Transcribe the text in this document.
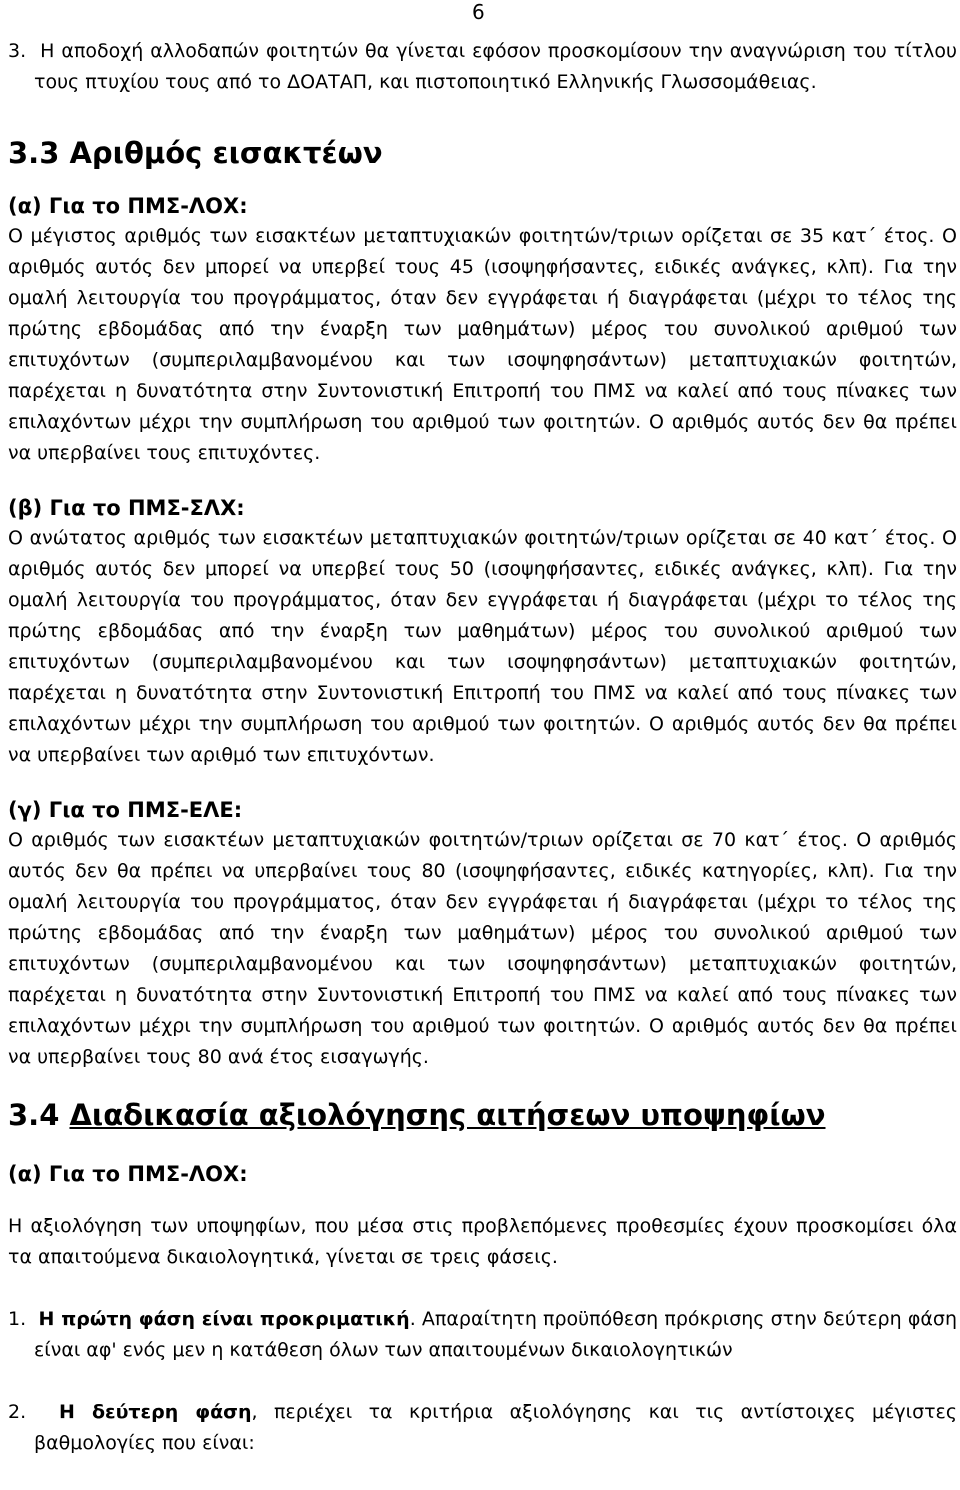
6

3. Η αποδοχή αλλοδαπών φοιτητών θα γίνεται εφόσον προσκομίσουν την αναγνώριση του τίτλου τους πτυχίου τους από το ΔΟΑΤΑΠ, και πιστοποιητικό Ελληνικής Γλωσσομάθειας.

3.3 Αριθμός εισακτέων
(α) Για το ΠΜΣ-ΛΟΧ:

Ο μέγιστος αριθμός των εισακτέων μεταπτυχιακών φοιτητών/τριων ορίζεται σε 35 κατ΄ έτος. Ο αριθμός αυτός δεν μπορεί να υπερβεί τους 45 (ισοψηφήσαντες, ειδικές ανάγκες, κλπ). Για την ομαλή λειτουργία του προγράμματος, όταν δεν εγγράφεται ή διαγράφεται (μέχρι το τέλος της πρώτης εβδομάδας από την έναρξη των μαθημάτων) μέρος του συνολικού αριθμού των επιτυχόντων (συμπεριλαμβανομένου και των ισοψηφησάντων) μεταπτυχιακών φοιτητών, παρέχεται η δυνατότητα στην Συντονιστική Επιτροπή του ΠΜΣ να καλεί από τους πίνακες των επιλαχόντων μέχρι την συμπλήρωση του αριθμού των φοιτητών. Ο αριθμός αυτός δεν θα πρέπει να υπερβαίνει τους επιτυχόντες.

(β) Για το ΠΜΣ-ΣΛΧ:

Ο ανώτατος αριθμός των εισακτέων μεταπτυχιακών φοιτητών/τριων ορίζεται σε 40 κατ΄ έτος. Ο αριθμός αυτός δεν μπορεί να υπερβεί τους 50 (ισοψηφήσαντες, ειδικές ανάγκες, κλπ). Για την ομαλή λειτουργία του προγράμματος, όταν δεν εγγράφεται ή διαγράφεται (μέχρι το τέλος της πρώτης εβδομάδας από την έναρξη των μαθημάτων) μέρος του συνολικού αριθμού των επιτυχόντων (συμπεριλαμβανομένου και των ισοψηφησάντων) μεταπτυχιακών φοιτητών, παρέχεται η δυνατότητα στην Συντονιστική Επιτροπή του ΠΜΣ να καλεί από τους πίνακες των επιλαχόντων μέχρι την συμπλήρωση του αριθμού των φοιτητών. Ο αριθμός αυτός δεν θα πρέπει να υπερβαίνει των αριθμό των επιτυχόντων.

(γ) Για το ΠΜΣ-ΕΛΕ:

Ο αριθμός των εισακτέων μεταπτυχιακών φοιτητών/τριων ορίζεται σε 70 κατ΄ έτος. Ο αριθμός αυτός δεν θα πρέπει να υπερβαίνει τους 80 (ισοψηφήσαντες, ειδικές κατηγορίες, κλπ). Για την ομαλή λειτουργία του προγράμματος, όταν δεν εγγράφεται ή διαγράφεται (μέχρι το τέλος της πρώτης εβδομάδας από την έναρξη των μαθημάτων) μέρος του συνολικού αριθμού των επιτυχόντων (συμπεριλαμβανομένου και των ισοψηφησάντων) μεταπτυχιακών φοιτητών, παρέχεται η δυνατότητα στην Συντονιστική Επιτροπή του ΠΜΣ να καλεί από τους πίνακες των επιλαχόντων μέχρι την συμπλήρωση του αριθμού των φοιτητών. Ο αριθμός αυτός δεν θα πρέπει να υπερβαίνει τους 80 ανά έτος εισαγωγής.

3.4 Διαδικασία αξιολόγησης αιτήσεων υποψηφίων
(α) Για το ΠΜΣ-ΛΟΧ:

Η αξιολόγηση των υποψηφίων, που μέσα στις προβλεπόμενες προθεσμίες έχουν προσκομίσει όλα τα απαιτούμενα δικαιολογητικά, γίνεται σε τρεις φάσεις.

1. Η πρώτη φάση είναι προκριματική. Απαραίτητη προϋπόθεση πρόκρισης στην δεύτερη φάση είναι αφ' ενός μεν η κατάθεση όλων των απαιτουμένων δικαιολογητικών

2. Η δεύτερη φάση, περιέχει τα κριτήρια αξιολόγησης και τις αντίστοιχες μέγιστες βαθμολογίες που είναι:
